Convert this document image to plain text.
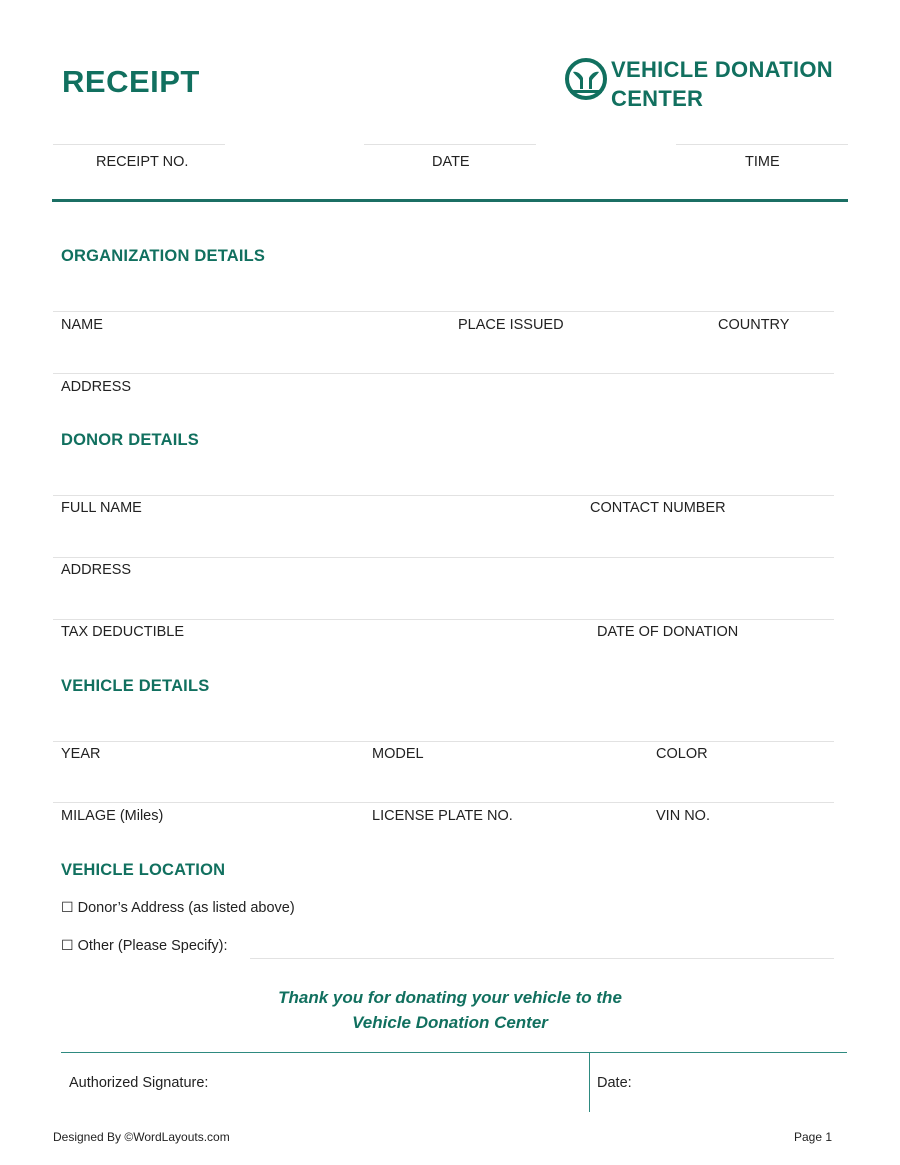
RECEIPT	VEHICLE DONATION
CENTER
RECEIPT NO.	DATE	TIME
ORGANIZATION DETAILS
NAME	PLACE ISSUED	COUNTRY
ADDRESS
DONOR DETAILS
FULL NAME	CONTACT NUMBER
ADDRESS
TAX DEDUCTIBLE	DATE OF DONATION
VEHICLE DETAILS
YEAR	MODEL	COLOR
MILAGE (Miles)	LICENSE PLATE NO.	VIN NO.
VEHICLE LOCATION
☐ Donor’s Address (as listed above)
☐ Other (Please Specify):
Thank you for donating your vehicle to the
Vehicle Donation Center
Authorized Signature:	Date:
Designed By ©WordLayouts.com	Page 1
